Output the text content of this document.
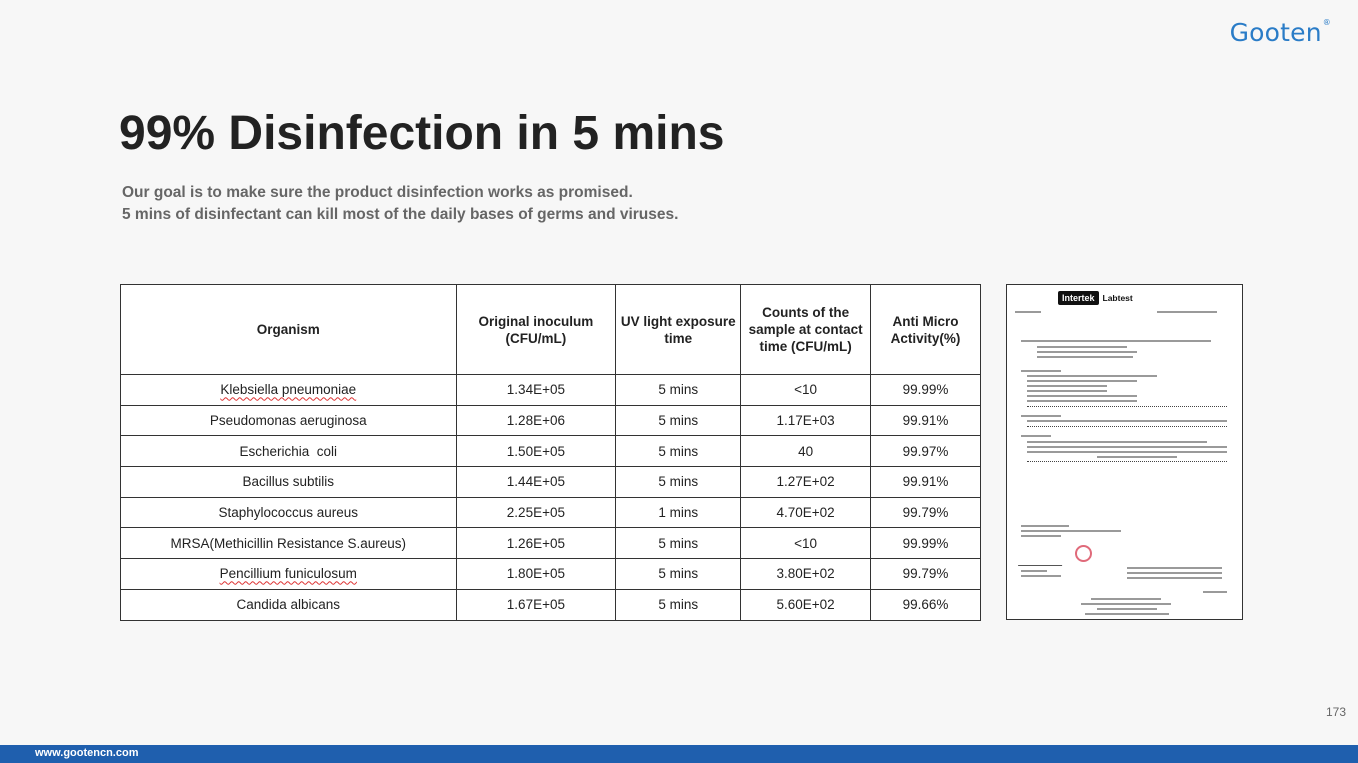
Gooten®
99% Disinfection in 5 mins
Our goal is to make sure the product disinfection works as promised.
5 mins of disinfectant can kill most of the daily bases of germs and viruses.
Organism	Original inoculum (CFU/mL)	UV light exposure time	Counts of the sample at contact time (CFU/mL)	Anti Micro Activity(%)
Klebsiella pneumoniae	1.34E+05	5 mins	<10	99.99%
Pseudomonas aeruginosa	1.28E+06	5 mins	1.17E+03	99.91%
Escherichia  coli	1.50E+05	5 mins	40	99.97%
Bacillus subtilis	1.44E+05	5 mins	1.27E+02	99.91%
Staphylococcus aureus	2.25E+05	1 mins	4.70E+02	99.79%
MRSA(Methicillin Resistance S.aureus)	1.26E+05	5 mins	<10	99.99%
Pencillium funiculosum	1.80E+05	5 mins	3.80E+02	99.79%
Candida albicans	1.67E+05	5 mins	5.60E+02	99.66%
Intertek Labtest
173
www.gootencn.com
